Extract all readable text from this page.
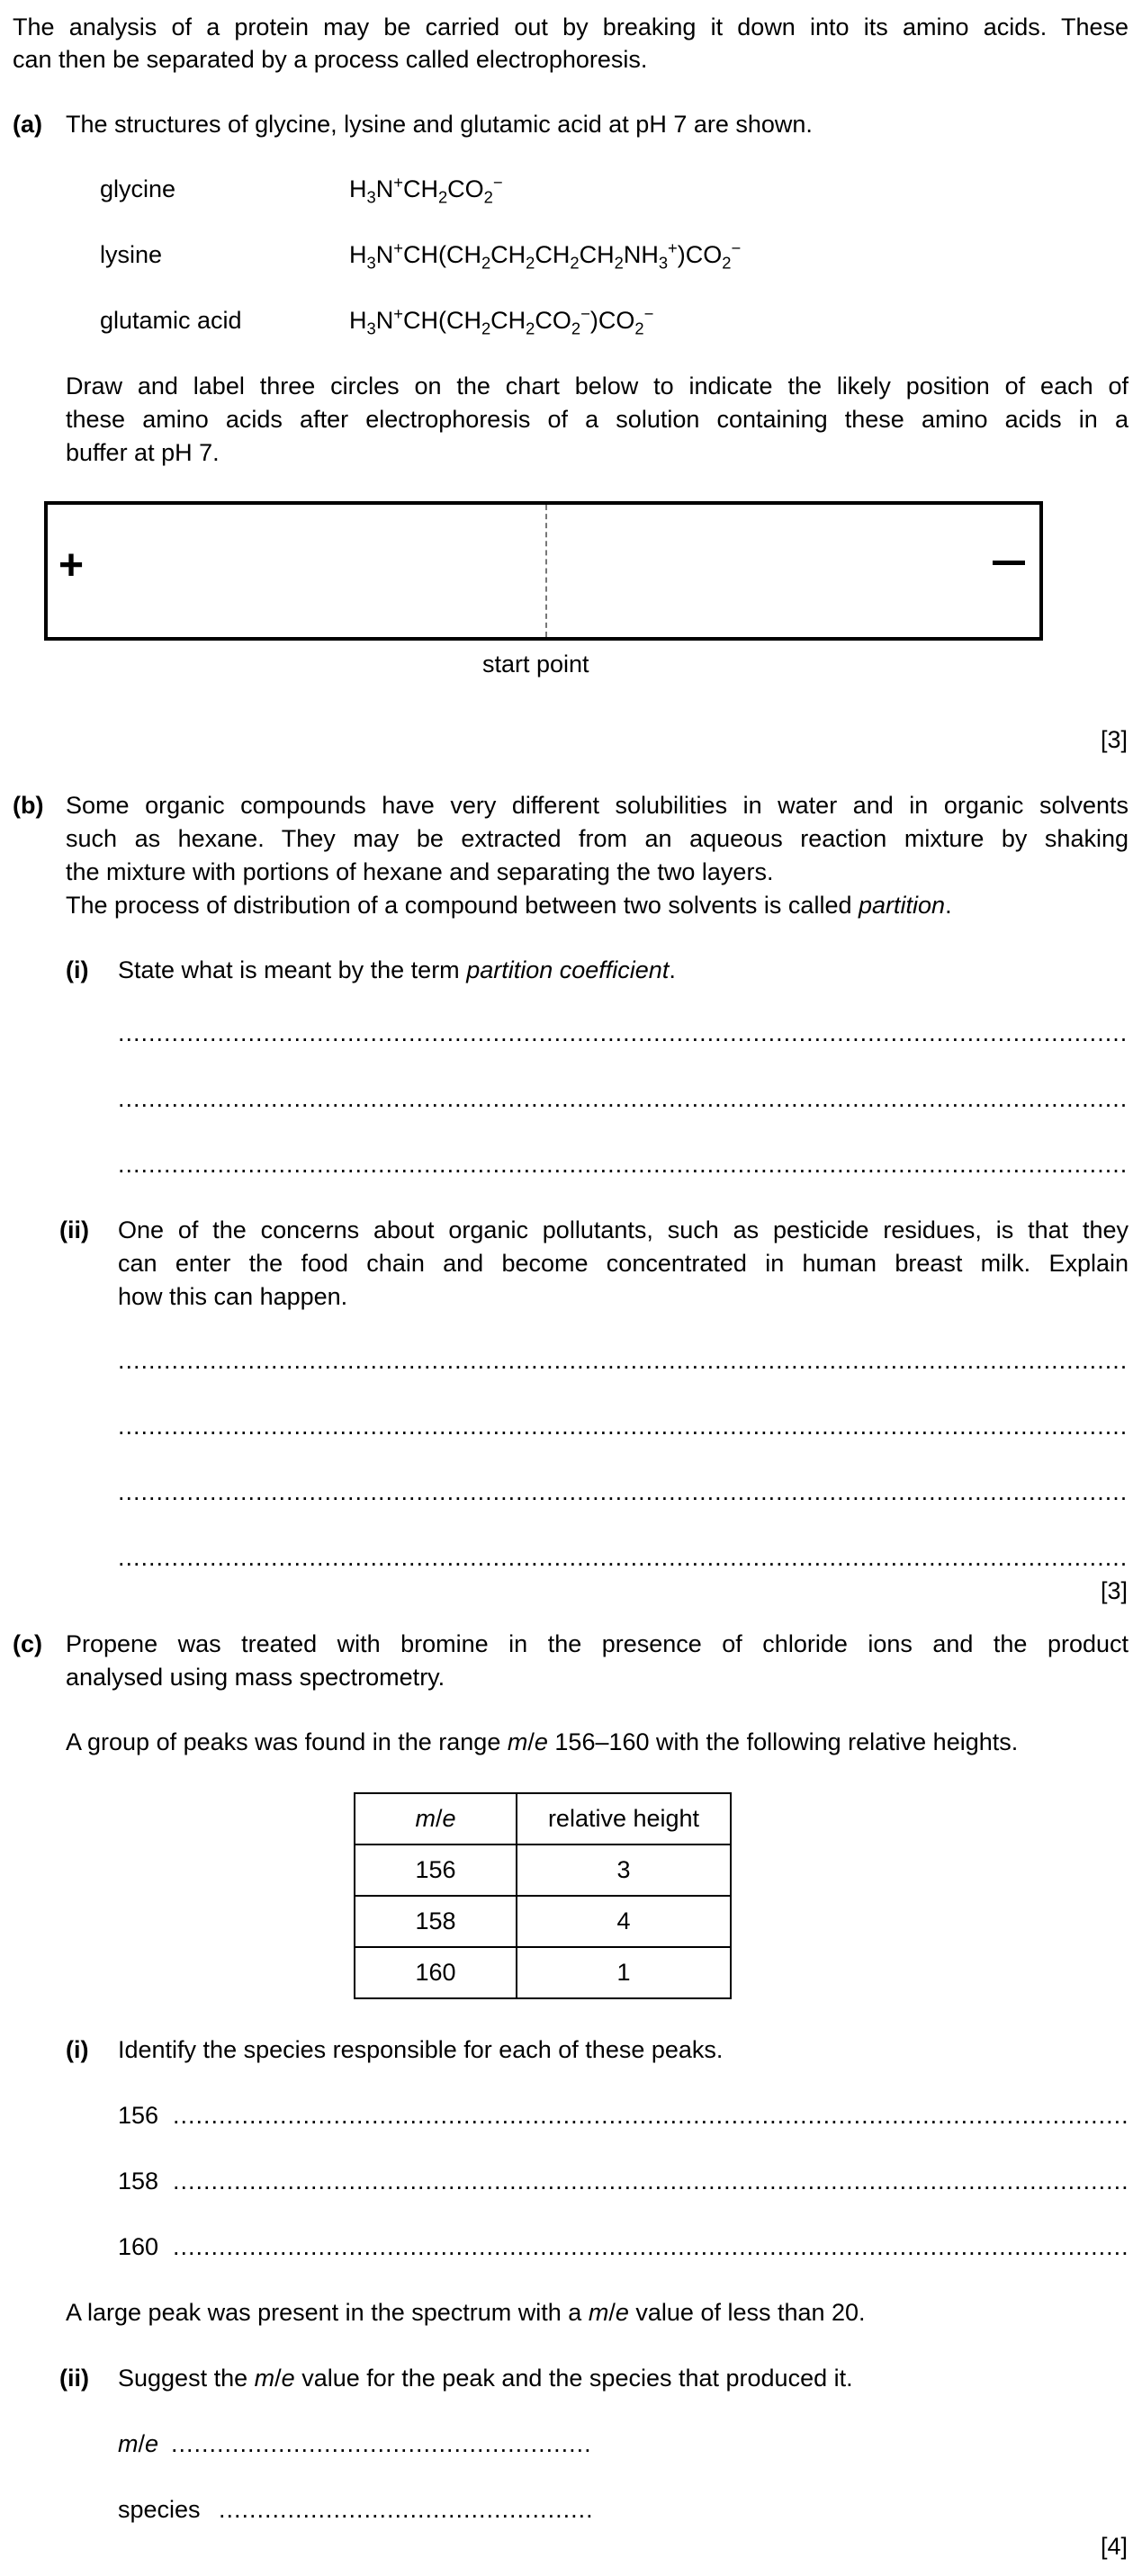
The analysis of a protein may be carried out by breaking it down into its amino acids. These
can then be separated by a process called electrophoresis.
(a) The structures of glycine, lysine and glutamic acid at pH 7 are shown.
glycine	$H_3N^+CH_2CO_2^-$
lysine	$H_3N^+CH(CH_2CH_2CH_2CH_2NH_3^+)CO_2^-$
glutamic acid	$H_3N^+CH(CH_2CH_2CO_2^-)CO_2^-$
Draw and label three circles on the chart below to indicate the likely position of each of
these amino acids after electrophoresis of a solution containing these amino acids in a
buffer at pH 7.
+
start point
[3]
(b) Some organic compounds have very different solubilities in water and in organic solvents
such as hexane. They may be extracted from an aqueous reaction mixture by shaking
the mixture with portions of hexane and separating the two layers.
The process of distribution of a compound between two solvents is called partition.
(i) State what is meant by the term partition coefficient.
.....
.....
.....
(ii) One of the concerns about organic pollutants, such as pesticide residues, is that they
can enter the food chain and become concentrated in human breast milk. Explain
how this can happen.
.....
.....
.....
.....
[3]
(c) Propene was treated with bromine in the presence of chloride ions and the product
analysed using mass spectrometry.
A group of peaks was found in the range m/e 156–160 with the following relative heights.
m/e	relative height
156	3
158	4
160	1
(i) Identify the species responsible for each of these peaks.
156
.....
158
.....
160
.....
A large peak was present in the spectrum with a m/e value of less than 20.
(ii) Suggest the m/e value for the peak and the species that produced it.
m/e
.....
species
.....
[4]
